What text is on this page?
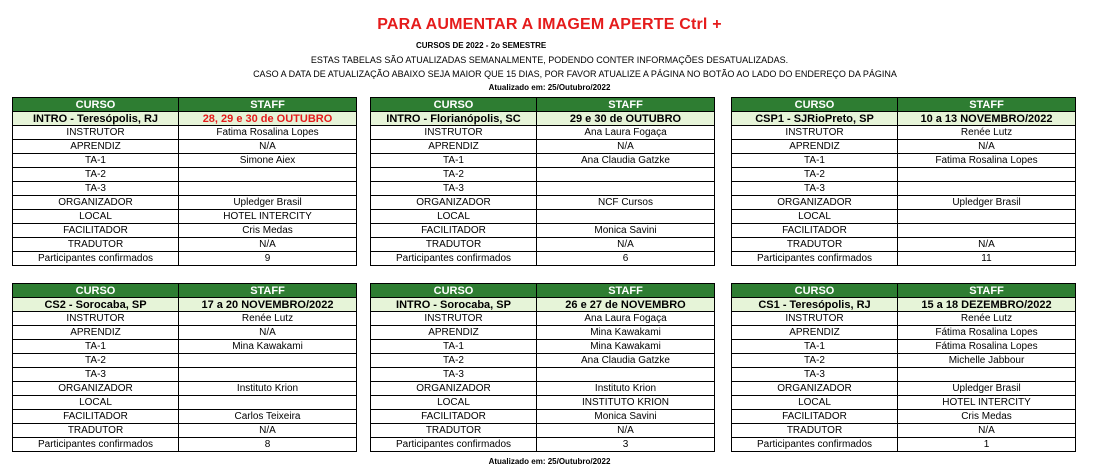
PARA AUMENTAR A IMAGEM APERTE Ctrl +
CURSOS DE 2022 - 2o SEMESTRE
ESTAS TABELAS SÃO ATUALIZADAS SEMANALMENTE, PODENDO CONTER INFORMAÇÕES DESATUALIZADAS.
CASO A DATA DE ATUALIZAÇÃO ABAIXO SEJA MAIOR QUE 15 DIAS, POR FAVOR ATUALIZE A PÁGINA NO BOTÃO AO LADO DO ENDEREÇO DA PÁGINA
Atualizado em: 25/Outubro/2022
CURSO	STAFF
INTRO - Teresópolis, RJ	28, 29 e 30 de OUTUBRO
INSTRUTOR	Fatima Rosalina Lopes
APRENDIZ	N/A
TA-1	Simone Aiex
TA-2	
TA-3	
ORGANIZADOR	Upledger Brasil
LOCAL	HOTEL INTERCITY
FACILITADOR	Cris Medas
TRADUTOR	N/A
Participantes confirmados	9
CURSO	STAFF
INTRO - Florianópolis, SC	29 e 30 de OUTUBRO
INSTRUTOR	Ana Laura Fogaça
APRENDIZ	N/A
TA-1	Ana Claudia Gatzke
TA-2	
TA-3	
ORGANIZADOR	NCF Cursos
LOCAL	
FACILITADOR	Monica Savini
TRADUTOR	N/A
Participantes confirmados	6
CURSO	STAFF
CSP1 - SJRioPreto, SP	10 a 13 NOVEMBRO/2022
INSTRUTOR	Renée Lutz
APRENDIZ	N/A
TA-1	Fatima Rosalina Lopes
TA-2	
TA-3	
ORGANIZADOR	Upledger Brasil
LOCAL	
FACILITADOR	
TRADUTOR	N/A
Participantes confirmados	11
CURSO	STAFF
CS2 - Sorocaba, SP	17 a 20 NOVEMBRO/2022
INSTRUTOR	Renée Lutz
APRENDIZ	N/A
TA-1	Mina Kawakami
TA-2	
TA-3	
ORGANIZADOR	Instituto Krion
LOCAL	
FACILITADOR	Carlos Teixeira
TRADUTOR	N/A
Participantes confirmados	8
CURSO	STAFF
INTRO - Sorocaba, SP	26 e 27 de NOVEMBRO
INSTRUTOR	Ana Laura Fogaça
APRENDIZ	Mina Kawakami
TA-1	Mina Kawakami
TA-2	Ana Claudia Gatzke
TA-3	
ORGANIZADOR	Instituto Krion
LOCAL	INSTITUTO KRION
FACILITADOR	Monica Savini
TRADUTOR	N/A
Participantes confirmados	3
CURSO	STAFF
CS1 - Teresópolis, RJ	15 a 18 DEZEMBRO/2022
INSTRUTOR	Renée Lutz
APRENDIZ	Fátima Rosalina Lopes
TA-1	Fátima Rosalina Lopes
TA-2	Michelle Jabbour
TA-3	
ORGANIZADOR	Upledger Brasil
LOCAL	HOTEL INTERCITY
FACILITADOR	Cris Medas
TRADUTOR	N/A
Participantes confirmados	1
Atualizado em: 25/Outubro/2022
